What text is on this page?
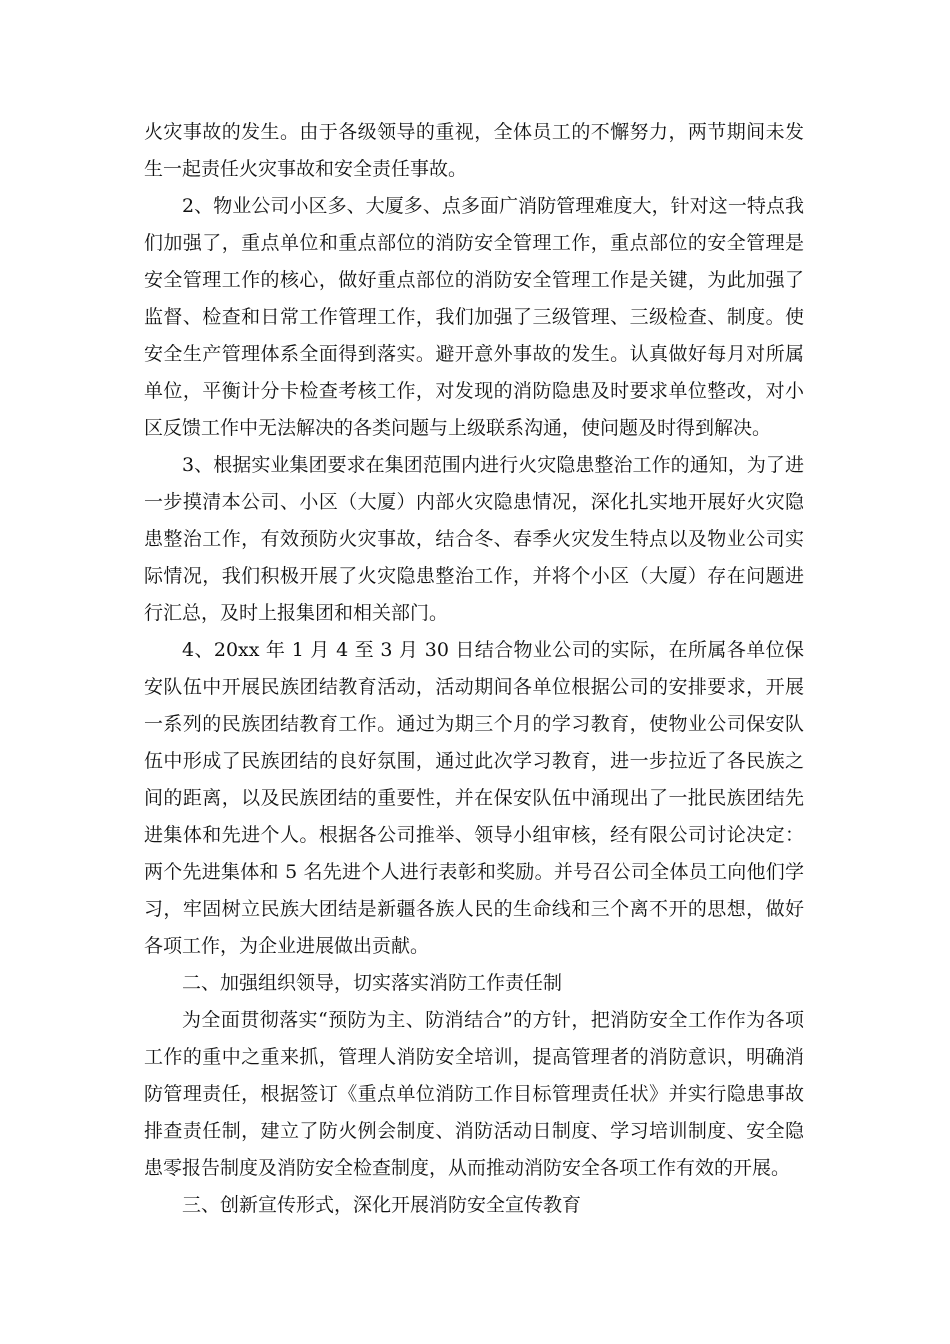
火灾事故的发生。由于各级领导的重视，全体员工的不懈努力，两节期间未发生一起责任火灾事故和安全责任事故。

2、物业公司小区多、大厦多、点多面广消防管理难度大，针对这一特点我们加强了，重点单位和重点部位的消防安全管理工作，重点部位的安全管理是安全管理工作的核心，做好重点部位的消防安全管理工作是关键，为此加强了监督、检查和日常工作管理工作，我们加强了三级管理、三级检查、制度。使安全生产管理体系全面得到落实。避开意外事故的发生。认真做好每月对所属单位，平衡计分卡检查考核工作，对发现的消防隐患及时要求单位整改，对小区反馈工作中无法解决的各类问题与上级联系沟通，使问题及时得到解决。

3、根据实业集团要求在集团范围内进行火灾隐患整治工作的通知，为了进一步摸清本公司、小区（大厦）内部火灾隐患情况，深化扎实地开展好火灾隐患整治工作，有效预防火灾事故，结合冬、春季火灾发生特点以及物业公司实际情况，我们积极开展了火灾隐患整治工作，并将个小区（大厦）存在问题进行汇总，及时上报集团和相关部门。

4、20xx 年 1 月 4 至 3 月 30 日结合物业公司的实际，在所属各单位保安队伍中开展民族团结教育活动，活动期间各单位根据公司的安排要求，开展一系列的民族团结教育工作。通过为期三个月的学习教育，使物业公司保安队伍中形成了民族团结的良好氛围，通过此次学习教育，进一步拉近了各民族之间的距离，以及民族团结的重要性，并在保安队伍中涌现出了一批民族团结先进集体和先进个人。根据各公司推举、领导小组审核，经有限公司讨论决定：两个先进集体和 5 名先进个人进行表彰和奖励。并号召公司全体员工向他们学习，牢固树立民族大团结是新疆各族人民的生命线和三个离不开的思想，做好各项工作，为企业进展做出贡献。

二、加强组织领导，切实落实消防工作责任制

为全面贯彻落实“预防为主、防消结合”的方针，把消防安全工作作为各项工作的重中之重来抓，管理人消防安全培训，提高管理者的消防意识，明确消防管理责任，根据签订《重点单位消防工作目标管理责任状》并实行隐患事故排查责任制，建立了防火例会制度、消防活动日制度、学习培训制度、安全隐患零报告制度及消防安全检查制度，从而推动消防安全各项工作有效的开展。

三、创新宣传形式，深化开展消防安全宣传教育
